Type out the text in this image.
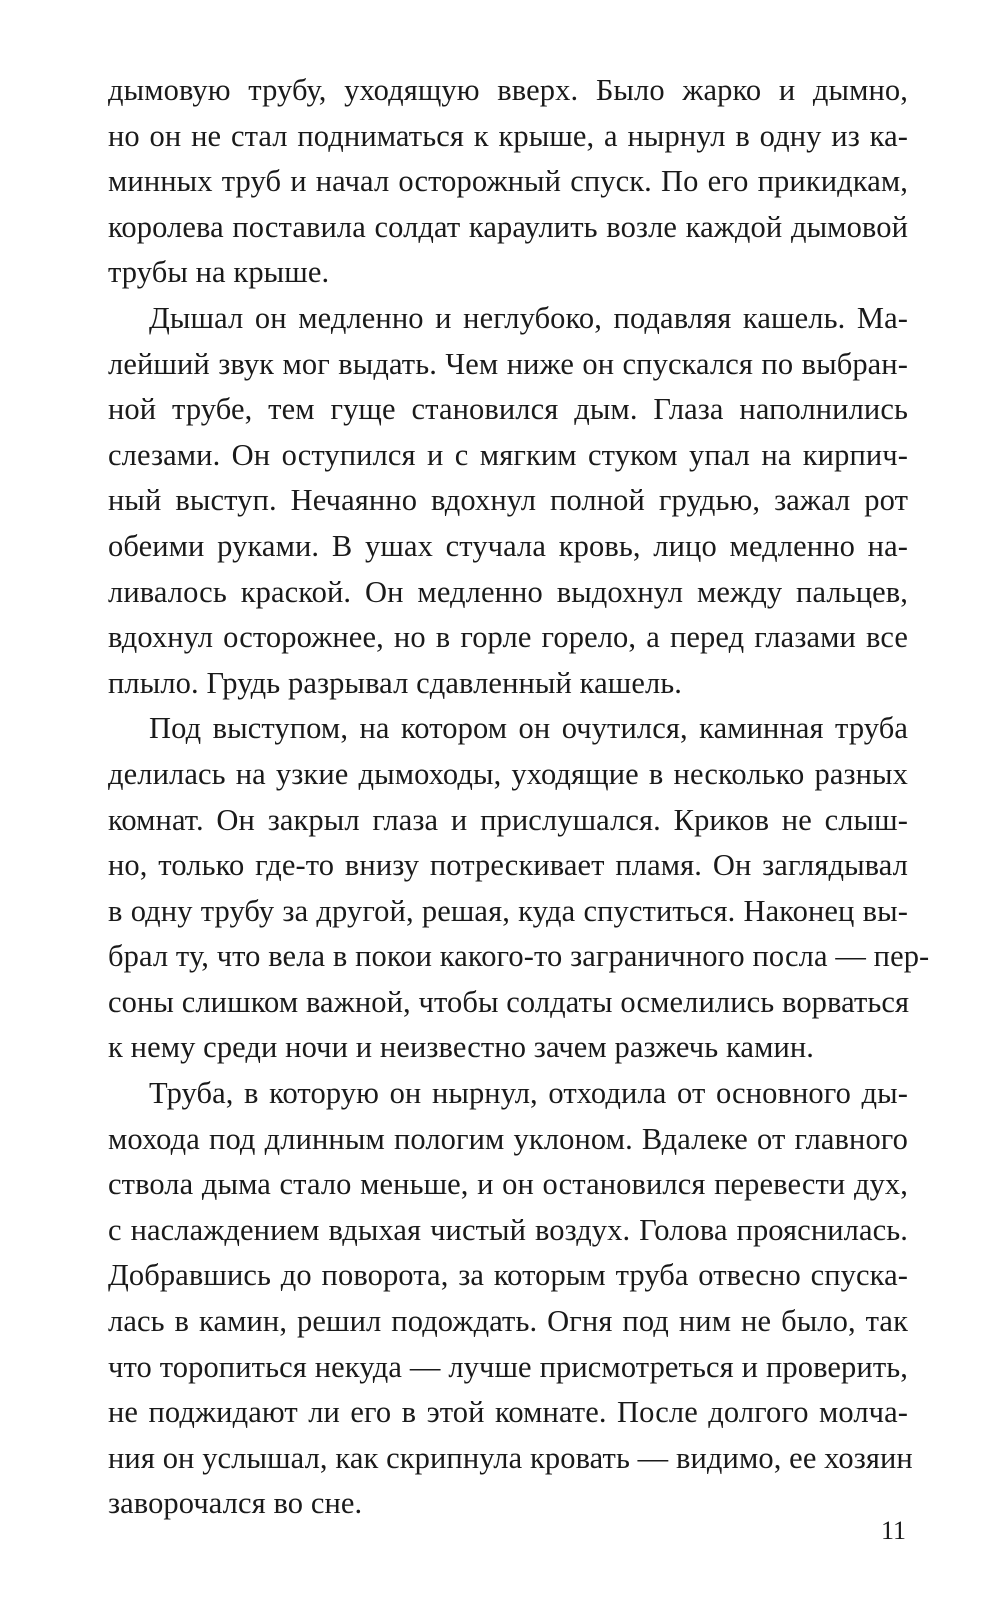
дымовую трубу, уходящую вверх. Было жарко и дымно,
но он не стал подниматься к крыше, а нырнул в одну из ка-
минных труб и начал осторожный спуск. По его прикидкам,
королева поставила солдат караулить возле каждой дымовой
трубы на крыше.
Дышал он медленно и неглубоко, подавляя кашель. Ма-
лейший звук мог выдать. Чем ниже он спускался по выбран-
ной трубе, тем гуще становился дым. Глаза наполнились
слезами. Он оступился и с мягким стуком упал на кирпич-
ный выступ. Нечаянно вдохнул полной грудью, зажал рот
обеими руками. В ушах стучала кровь, лицо медленно на-
ливалось краской. Он медленно выдохнул между пальцев,
вдохнул осторожнее, но в горле горело, а перед глазами все
плыло. Грудь разрывал сдавленный кашель.
Под выступом, на котором он очутился, каминная труба
делилась на узкие дымоходы, уходящие в несколько разных
комнат. Он закрыл глаза и прислушался. Криков не слыш-
но, только где-то внизу потрескивает пламя. Он заглядывал
в одну трубу за другой, решая, куда спуститься. Наконец вы-
брал ту, что вела в покои какого-то заграничного посла — пер-
соны слишком важной, чтобы солдаты осмелились ворваться
к нему среди ночи и неизвестно зачем разжечь камин.
Труба, в которую он нырнул, отходила от основного ды-
мохода под длинным пологим уклоном. Вдалеке от главного
ствола дыма стало меньше, и он остановился перевести дух,
с наслаждением вдыхая чистый воздух. Голова прояснилась.
Добравшись до поворота, за которым труба отвесно спуска-
лась в камин, решил подождать. Огня под ним не было, так
что торопиться некуда — лучше присмотреться и проверить,
не поджидают ли его в этой комнате. После долгого молча-
ния он услышал, как скрипнула кровать — видимо, ее хозяин
заворочался во сне.
11
